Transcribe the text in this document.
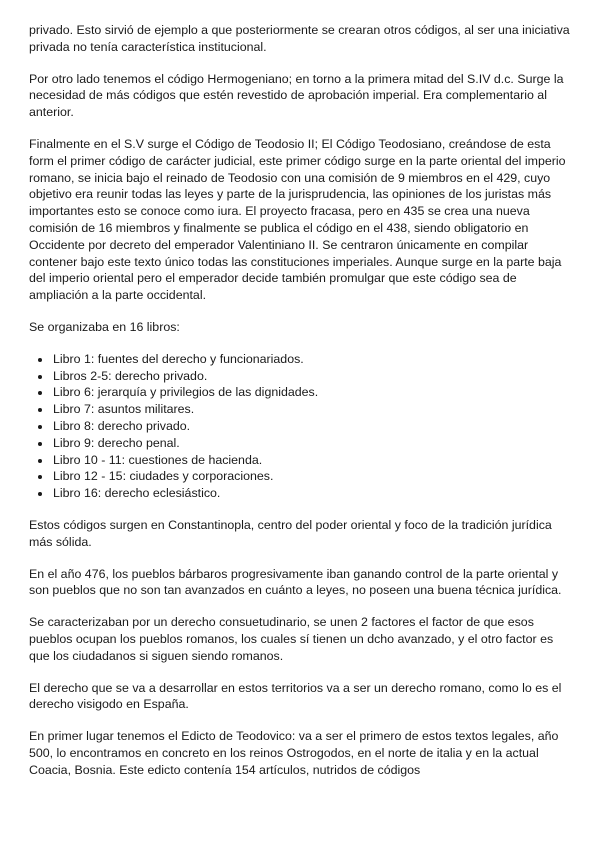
privado. Esto sirvió de ejemplo a que posteriormente se crearan otros códigos, al ser una iniciativa privada no tenía característica institucional.

Por otro lado tenemos el código Hermogeniano; en torno a la primera mitad del S.IV d.c. Surge la necesidad de más códigos que estén revestido de aprobación imperial. Era complementario al anterior.

Finalmente en el S.V surge el Código de Teodosio II; El Código Teodosiano, creándose de esta form el primer código de carácter judicial, este primer código surge en la parte oriental del imperio romano, se inicia bajo el reinado de Teodosio con una comisión de 9 miembros en el 429, cuyo objetivo era reunir todas las leyes y parte de la jurisprudencia, las opiniones de los juristas más importantes esto se conoce como iura. El proyecto fracasa, pero en 435 se crea una nueva comisión de 16 miembros y finalmente se publica el código en el 438, siendo obligatorio en Occidente por decreto del emperador Valentiniano II. Se centraron únicamente en compilar contener bajo este texto único todas las constituciones imperiales. Aunque surge en la parte baja del imperio oriental pero el emperador decide también promulgar que este código sea de ampliación a la parte occidental.

Se organizaba en 16 libros:

• Libro 1: fuentes del derecho y funcionariados.
• Libros 2-5: derecho privado.
• Libro 6: jerarquía y privilegios de las dignidades.
• Libro 7: asuntos militares.
• Libro 8: derecho privado.
• Libro 9: derecho penal.
• Libro 10 - 11: cuestiones de hacienda.
• Libro 12 - 15: ciudades y corporaciones.
• Libro 16: derecho eclesiástico.

Estos códigos surgen en Constantinopla, centro del poder oriental y foco de la tradición jurídica más sólida.

En el año 476, los pueblos bárbaros progresivamente iban ganando control de la parte oriental y son pueblos que no son tan avanzados en cuánto a leyes, no poseen una buena técnica jurídica.

Se caracterizaban por un derecho consuetudinario, se unen 2 factores el factor de que esos pueblos ocupan los pueblos romanos, los cuales sí tienen un dcho avanzado, y el otro factor es que los ciudadanos si siguen siendo romanos.

El derecho que se va a desarrollar en estos territorios va a ser un derecho romano, como lo es el derecho visigodo en España.

En primer lugar tenemos el Edicto de Teodovico: va a ser el primero de estos textos legales, año 500, lo encontramos en concreto en los reinos Ostrogodos, en el norte de italia y en la actual Coacia, Bosnia. Este edicto contenía 154 artículos, nutridos de códigos
